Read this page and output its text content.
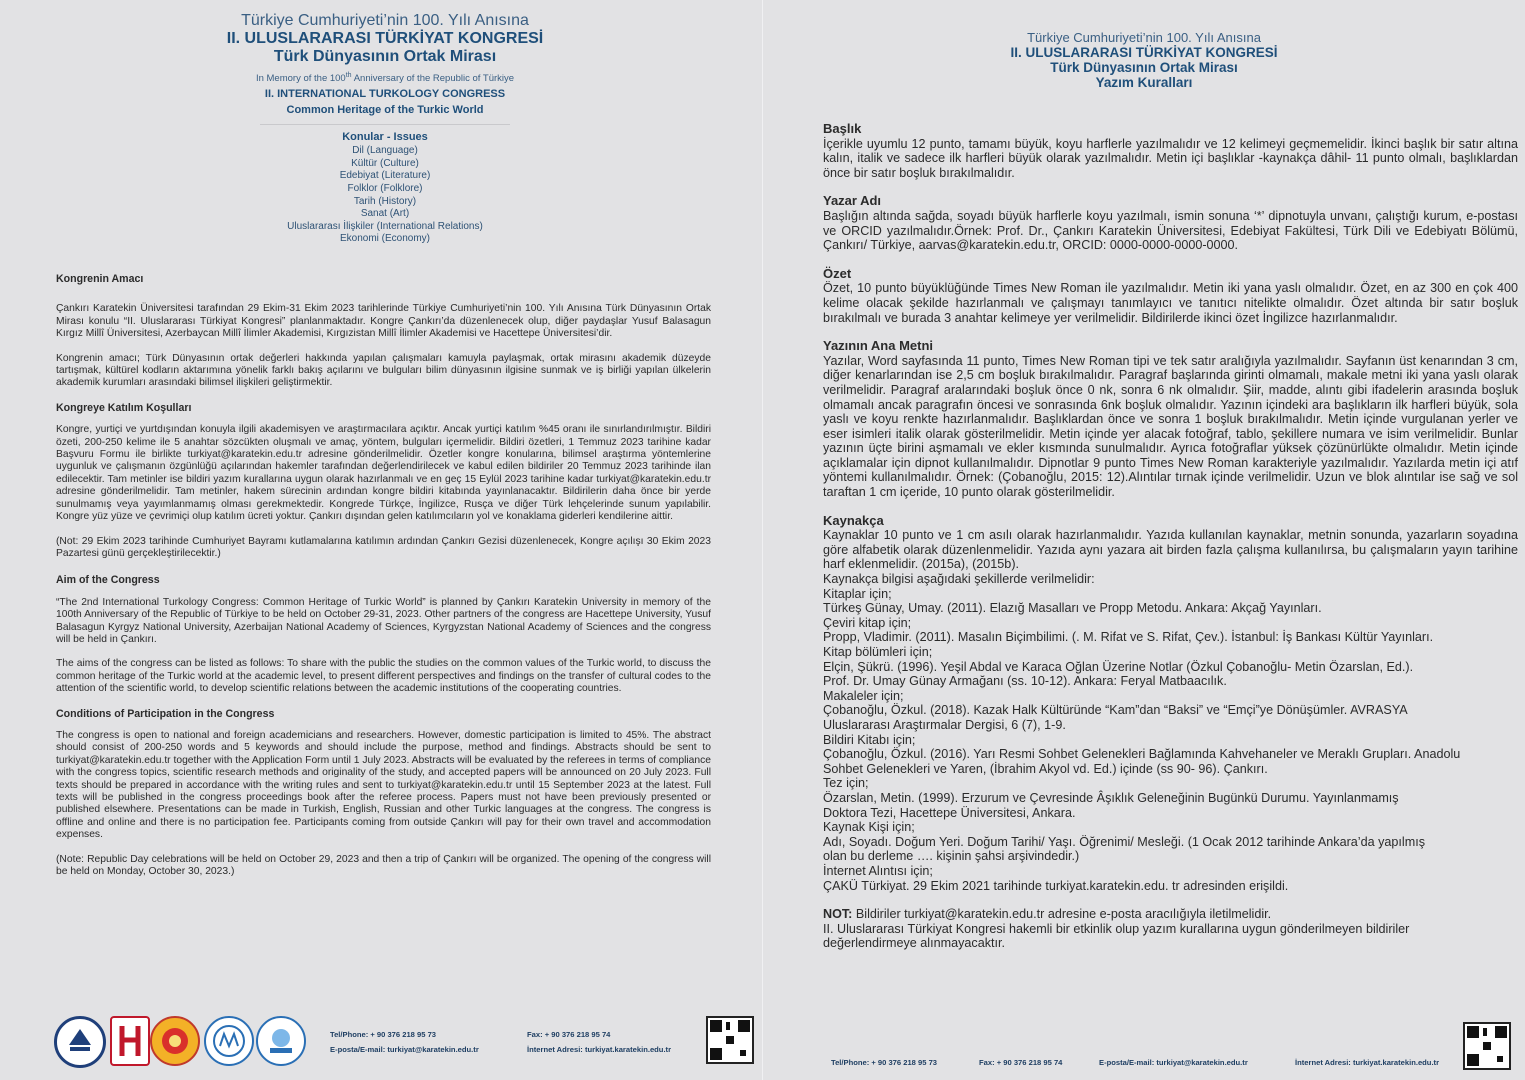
Türkiye Cumhuriyeti’nin 100. Yılı Anısına
II. ULUSLARARASI TÜRKİYAT KONGRESİ
Türk Dünyasının Ortak Mirası
In Memory of the 100th Anniversary of the Republic of Türkiye
II. INTERNATIONAL TURKOLOGY CONGRESS
Common Heritage of the Turkic World
Konular - Issues
Dil (Language)
Kültür (Culture)
Edebiyat (Literature)
Folklor (Folklore)
Tarih (History)
Sanat (Art)
Uluslararası İlişkiler (International Relations)
Ekonomi (Economy)
Kongrenin Amacı

Çankırı Karatekin Üniversitesi tarafından 29 Ekim-31 Ekim 2023 tarihlerinde Türkiye Cumhuriyeti’nin 100. Yılı Anısına Türk Dünyasının Ortak Mirası konulu “II. Uluslararası Türkiyat Kongresi” planlanmaktadır. Kongre Çankırı’da düzenlenecek olup, diğer paydaşlar Yusuf Balasagun Kırgız Millî Üniversitesi, Azerbaycan Millî İlimler Akademisi, Kırgızistan Millî İlimler Akademisi ve Hacettepe Üniversitesi’dir.

Kongrenin amacı; Türk Dünyasının ortak değerleri hakkında yapılan çalışmaları kamuyla paylaşmak, ortak mirasını akademik düzeyde tartışmak, kültürel kodların aktarımına yönelik farklı bakış açılarını ve bulguları bilim dünyasının ilgisine sunmak ve iş birliği yapılan ülkelerin akademik kurumları arasındaki bilimsel ilişkileri geliştirmektir.

Kongreye Katılım Koşulları

Kongre, yurtiçi ve yurtdışından konuyla ilgili akademisyen ve araştırmacılara açıktır. Ancak yurtiçi katılım %45 oranı ile sınırlandırılmıştır. Bildiri özeti, 200-250 kelime ile 5 anahtar sözcükten oluşmalı ve amaç, yöntem, bulguları içermelidir. Bildiri özetleri, 1 Temmuz 2023 tarihine kadar Başvuru Formu ile birlikte turkiyat@karatekin.edu.tr adresine gönderilmelidir. Özetler kongre konularına, bilimsel araştırma yöntemlerine uygunluk ve çalışmanın özgünlüğü açılarından hakemler tarafından değerlendirilecek ve kabul edilen bildiriler 20 Temmuz 2023 tarihinde ilan edilecektir. Tam metinler ise bildiri yazım kurallarına uygun olarak hazırlanmalı ve en geç 15 Eylül 2023 tarihine kadar turkiyat@karatekin.edu.tr adresine gönderilmelidir. Tam metinler, hakem sürecinin ardından kongre bildiri kitabında yayınlanacaktır. Bildirilerin daha önce bir yerde sunulmamış veya yayımlanmamış olması gerekmektedir. Kongrede Türkçe, İngilizce, Rusça ve diğer Türk lehçelerinde sunum yapılabilir. Kongre yüz yüze ve çevrimiçi olup katılım ücreti yoktur. Çankırı dışından gelen katılımcıların yol ve konaklama giderleri kendilerine aittir.

(Not: 29 Ekim 2023 tarihinde Cumhuriyet Bayramı kutlamalarına katılımın ardından Çankırı Gezisi düzenlenecek, Kongre açılışı 30 Ekim 2023 Pazartesi günü gerçekleştirilecektir.)

Aim of the Congress

“The 2nd International Turkology Congress: Common Heritage of Turkic World” is planned by Çankırı Karatekin University in memory of the 100th Anniversary of the Republic of Türkiye to be held on October 29-31, 2023. Other partners of the congress are Hacettepe University, Yusuf Balasagun Kyrgyz National University, Azerbaijan National Academy of Sciences, Kyrgyzstan National Academy of Sciences and the congress will be held in Çankırı.

The aims of the congress can be listed as follows: To share with the public the studies on the common values of the Turkic world, to discuss the common heritage of the Turkic world at the academic level, to present different perspectives and findings on the transfer of cultural codes to the attention of the scientific world, to develop scientific relations between the academic institutions of the cooperating countries.

Conditions of Participation in the Congress

The congress is open to national and foreign academicians and researchers. However, domestic participation is limited to 45%. The abstract should consist of 200-250 words and 5 keywords and should include the purpose, method and findings. Abstracts should be sent to turkiyat@karatekin.edu.tr together with the Application Form until 1 July 2023. Abstracts will be evaluated by the referees in terms of compliance with the congress topics, scientific research methods and originality of the study, and accepted papers will be announced on 20 July 2023. Full texts should be prepared in accordance with the writing rules and sent to turkiyat@karatekin.edu.tr until 15 September 2023 at the latest. Full texts will be published in the congress proceedings book after the referee process. Papers must not have been previously presented or published elsewhere. Presentations can be made in Turkish, English, Russian and other Turkic languages at the congress. The congress is offline and online and there is no participation fee. Participants coming from outside Çankırı will pay for their own travel and accommodation expenses.

(Note: Republic Day celebrations will be held on October 29, 2023 and then a trip of Çankırı will be organized. The opening of the congress will be held on Monday, October 30, 2023.)

Tel/Phone: + 90 376 218 95 73	Fax: + 90 376 218 95 74
E-posta/E-mail: turkiyat@karatekin.edu.tr	İnternet Adresi: turkiyat.karatekin.edu.tr
Türkiye Cumhuriyeti’nin 100. Yılı Anısına
II. ULUSLARARASI TÜRKİYAT KONGRESİ
Türk Dünyasının Ortak Mirası
Yazım Kuralları
Başlık

İçerikle uyumlu 12 punto, tamamı büyük, koyu harflerle yazılmalıdır ve 12 kelimeyi geçmemelidir. İkinci başlık bir satır altına kalın, italik ve sadece ilk harfleri büyük olarak yazılmalıdır. Metin içi başlıklar -kaynakça dâhil- 11 punto olmalı, başlıklardan önce bir satır boşluk bırakılmalıdır.

Yazar Adı

Başlığın altında sağda, soyadı büyük harflerle koyu yazılmalı, ismin sonuna ‘*’ dipnotuyla unvanı, çalıştığı kurum, e-postası ve ORCID yazılmalıdır.Örnek: Prof. Dr., Çankırı Karatekin Üniversitesi, Edebiyat Fakültesi, Türk Dili ve Edebiyatı Bölümü, Çankırı/ Türkiye, aarvas@karatekin.edu.tr, ORCID: 0000-0000-0000-0000.

Özet

Özet, 10 punto büyüklüğünde Times New Roman ile yazılmalıdır. Metin iki yana yaslı olmalıdır. Özet, en az 300 en çok 400 kelime olacak şekilde hazırlanmalı ve çalışmayı tanımlayıcı ve tanıtıcı nitelikte olmalıdır. Özet altında bir satır boşluk bırakılmalı ve burada 3 anahtar kelimeye yer verilmelidir. Bildirilerde ikinci özet İngilizce hazırlanmalıdır.

Yazının Ana Metni

Yazılar, Word sayfasında 11 punto, Times New Roman tipi ve tek satır aralığıyla yazılmalıdır. Sayfanın üst kenarından 3 cm, diğer kenarlarından ise 2,5 cm boşluk bırakılmalıdır. Paragraf başlarında girinti olmamalı, makale metni iki yana yaslı olarak verilmelidir. Paragraf aralarındaki boşluk önce 0 nk, sonra 6 nk olmalıdır. Şiir, madde, alıntı gibi ifadelerin arasında boşluk olmamalı ancak paragrafın öncesi ve sonrasında 6nk boşluk olmalıdır. Yazının içindeki ara başlıkların ilk harfleri büyük, sola yaslı ve koyu renkte hazırlanmalıdır. Başlıklardan önce ve sonra 1 boşluk bırakılmalıdır. Metin içinde vurgulanan yerler ve eser isimleri italik olarak gösterilmelidir. Metin içinde yer alacak fotoğraf, tablo, şekillere numara ve isim verilmelidir. Bunlar yazının üçte birini aşmamalı ve ekler kısmında sunulmalıdır. Ayrıca fotoğraflar yüksek çözünürlükte olmalıdır. Metin içinde açıklamalar için dipnot kullanılmalıdır. Dipnotlar 9 punto Times New Roman karakteriyle yazılmalıdır. Yazılarda metin içi atıf yöntemi kullanılmalıdır. Örnek: (Çobanoğlu, 2015: 12).Alıntılar tırnak içinde verilmelidir. Uzun ve blok alıntılar ise sağ ve sol taraftan 1 cm içeride, 10 punto olarak gösterilmelidir.

Kaynakça

Kaynaklar 10 punto ve 1 cm asılı olarak hazırlanmalıdır. Yazıda kullanılan kaynaklar, metnin sonunda, yazarların soyadına göre alfabetik olarak düzenlenmelidir. Yazıda aynı yazara ait birden fazla çalışma kullanılırsa, bu çalışmaların yayın tarihine harf eklenmelidir. (2015a), (2015b).

Kaynakça bilgisi aşağıdaki şekillerde verilmelidir:
Kitaplar için;
Türkeş Günay, Umay. (2011). Elazığ Masalları ve Propp Metodu. Ankara: Akçağ Yayınları.
Çeviri kitap için;
Propp, Vladimir. (2011). Masalın Biçimbilimi. (. M. Rifat ve S. Rifat, Çev.). İstanbul: İş Bankası Kültür Yayınları.
Kitap bölümleri için;
Elçin, Şükrü. (1996). Yeşil Abdal ve Karaca Oğlan Üzerine Notlar (Özkul Çobanoğlu- Metin Özarslan, Ed.).
Prof. Dr. Umay Günay Armağanı (ss. 10-12). Ankara: Feryal Matbaacılık.
Makaleler için;
Çobanoğlu, Özkul. (2018). Kazak Halk Kültüründe “Kam”dan “Baksi” ve “Emçi”ye Dönüşümler. AVRASYA Uluslararası Araştırmalar Dergisi, 6 (7), 1-9.
Bildiri Kitabı için;
Çobanoğlu, Özkul. (2016). Yarı Resmi Sohbet Gelenekleri Bağlamında Kahvehaneler ve Meraklı Grupları. Anadolu Sohbet Gelenekleri ve Yaren, (İbrahim Akyol vd. Ed.) içinde (ss 90- 96). Çankırı.
Tez için;
Özarslan, Metin. (1999). Erzurum ve Çevresinde Âşıklık Geleneğinin Bugünkü Durumu. Yayınlanmamış Doktora Tezi, Hacettepe Üniversitesi, Ankara.
Kaynak Kişi için;
Adı, Soyadı. Doğum Yeri. Doğum Tarihi/ Yaşı. Öğrenimi/ Mesleği. (1 Ocak 2012 tarihinde Ankara’da yapılmış olan bu derleme …. kişinin şahsi arşivindedir.)
İnternet Alıntısı için;
ÇAKÜ Türkiyat. 29 Ekim 2021 tarihinde turkiyat.karatekin.edu. tr adresinden erişildi.
NOT: Bildiriler turkiyat@karatekin.edu.tr adresine e-posta aracılığıyla iletilmelidir.
II. Uluslararası Türkiyat Kongresi hakemli bir etkinlik olup yazım kurallarına uygun gönderilmeyen bildiriler değerlendirmeye alınmayacaktır.
Tel/Phone: + 90 376 218 95 73	Fax: + 90 376 218 95 74	E-posta/E-mail: turkiyat@karatekin.edu.tr	İnternet Adresi: turkiyat.karatekin.edu.tr
